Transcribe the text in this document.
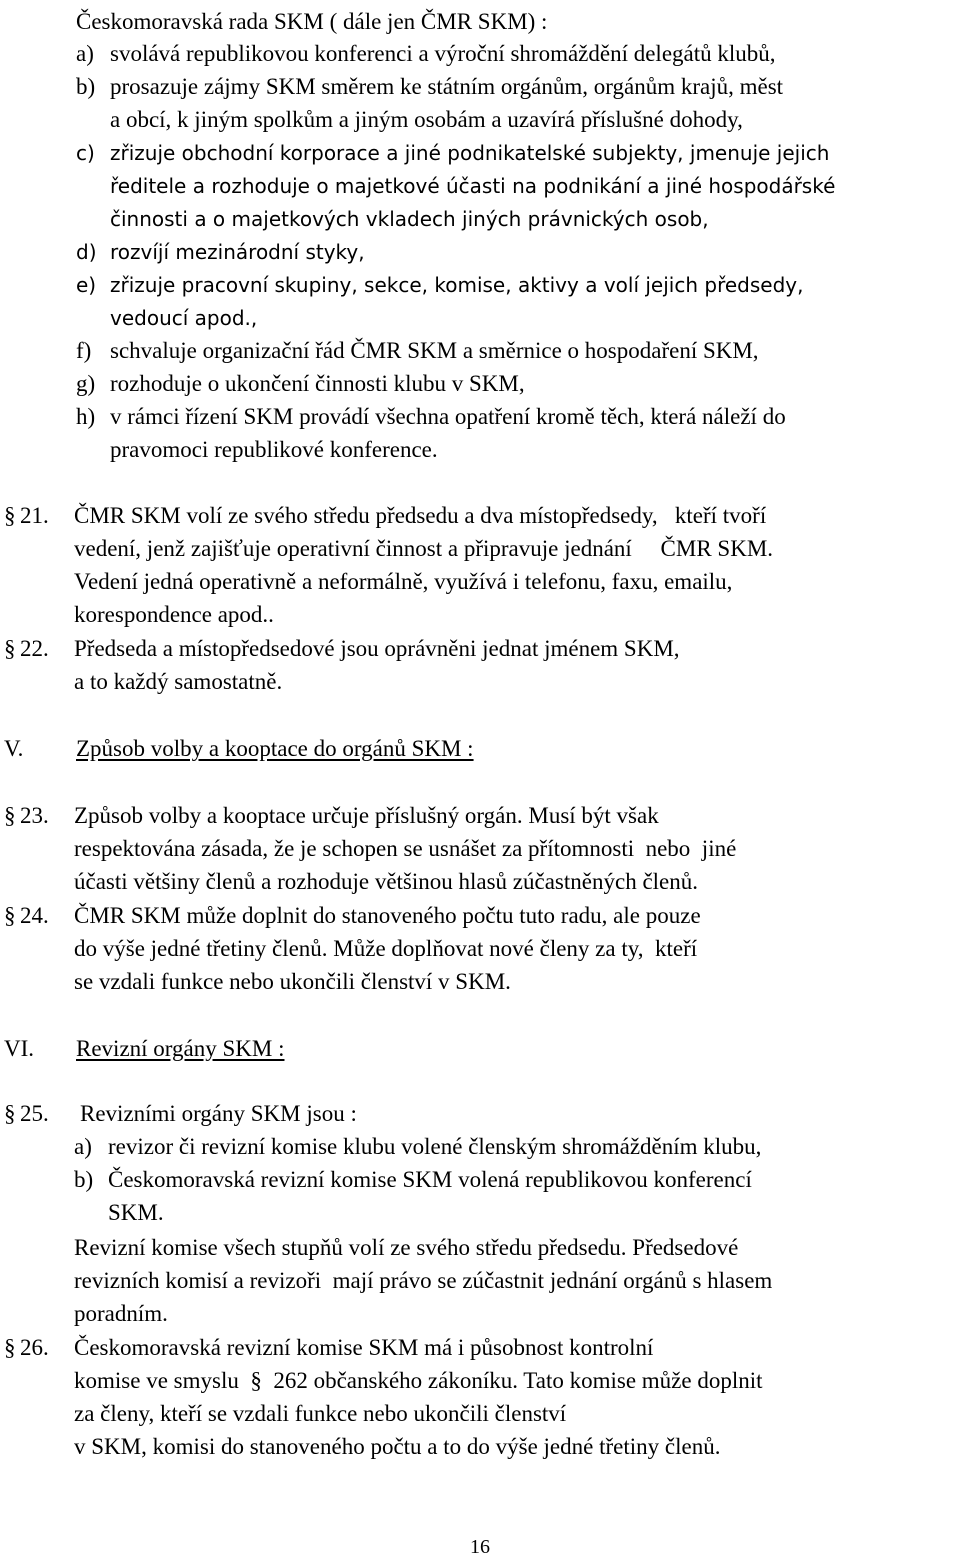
Českomoravská rada SKM ( dále jen ČMR SKM) :
a) svolává republikovou konferenci a výroční shromáždění delegátů klubů,
b) prosazuje zájmy SKM směrem ke státním orgánům, orgánům krajů, měst
a obcí, k jiným spolkům a jiným osobám a uzavírá příslušné dohody,
c) zřizuje obchodní korporace a jiné podnikatelské subjekty, jmenuje jejich
ředitele a rozhoduje o majetkové účasti na podnikání a jiné hospodářské
činnosti a o majetkových vkladech jiných právnických osob,
d) rozvíjí mezinárodní styky,
e) zřizuje pracovní skupiny, sekce, komise, aktivy a volí jejich předsedy,
vedoucí apod.,
f) schvaluje organizační řád ČMR SKM a směrnice o hospodaření SKM,
g) rozhoduje o ukončení činnosti klubu v SKM,
h) v rámci řízení SKM provádí všechna opatření kromě těch, která náleží do
pravomoci republikové konference.
§ 21. ČMR SKM volí ze svého středu předsedu a dva místopředsedy,   kteří tvoří
vedení, jenž zajišťuje operativní činnost a připravuje jednání     ČMR SKM.
Vedení jedná operativně a neformálně, využívá i telefonu, faxu, emailu,
korespondence apod..
§ 22. Předseda a místopředsedové jsou oprávněni jednat jménem SKM,
a to každý samostatně.
V. Způsob volby a kooptace do orgánů SKM :
§ 23. Způsob volby a kooptace určuje příslušný orgán. Musí být však
respektována zásada, že je schopen se usnášet za přítomnosti  nebo  jiné
účasti většiny členů a rozhoduje většinou hlasů zúčastněných členů.
§ 24. ČMR SKM může doplnit do stanoveného počtu tuto radu, ale pouze
do výše jedné třetiny členů. Může doplňovat nové členy za ty,  kteří
se vzdali funkce nebo ukončili členství v SKM.
VI. Revizní orgány SKM :
§ 25. Revizními orgány SKM jsou :
a) revizor či revizní komise klubu volené členským shromážděním klubu,
b) Českomoravská revizní komise SKM volená republikovou konferencí
SKM.
Revizní komise všech stupňů volí ze svého středu předsedu. Předsedové
revizních komisí a revizoři  mají právo se zúčastnit jednání orgánů s hlasem
poradním.
§ 26. Českomoravská revizní komise SKM má i působnost kontrolní
komise ve smyslu  §  262 občanského zákoníku. Tato komise může doplnit
za členy, kteří se vzdali funkce nebo ukončili členství
v SKM, komisi do stanoveného počtu a to do výše jedné třetiny členů.
16
